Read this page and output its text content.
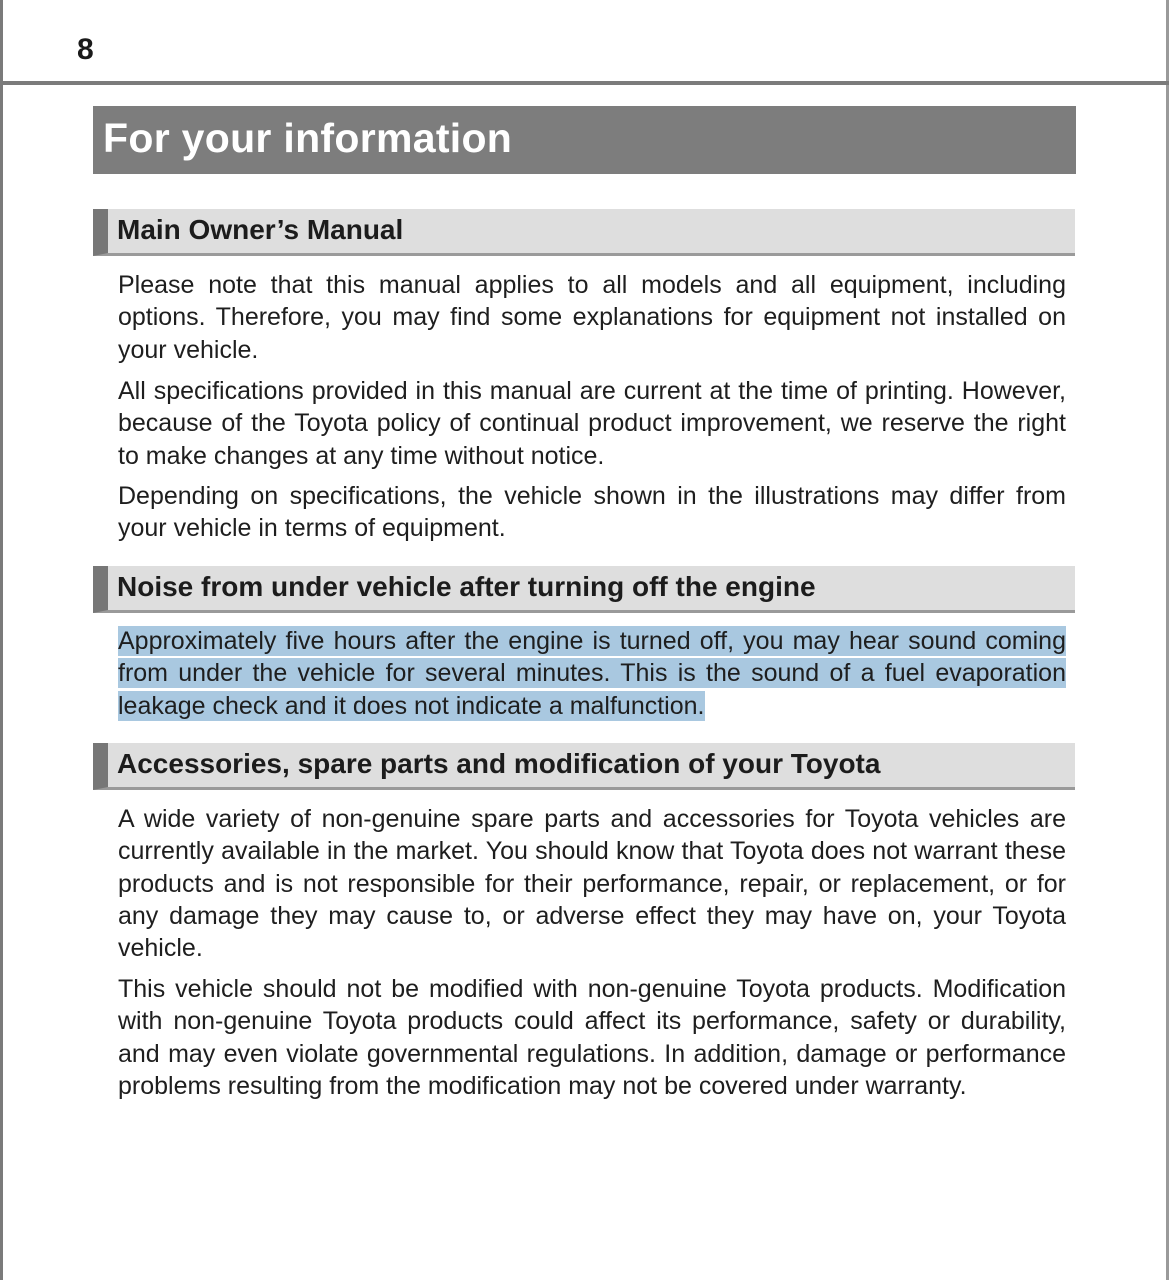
8
For your information
Main Owner’s Manual

Please note that this manual applies to all models and all equipment, including options. Therefore, you may find some explanations for equipment not installed on your vehicle.

All specifications provided in this manual are current at the time of printing. However, because of the Toyota policy of continual product improvement, we reserve the right to make changes at any time without notice.

Depending on specifications, the vehicle shown in the illustrations may differ from your vehicle in terms of equipment.

Noise from under vehicle after turning off the engine

Approximately five hours after the engine is turned off, you may hear sound coming from under the vehicle for several minutes. This is the sound of a fuel evaporation leakage check and it does not indicate a malfunction.

Accessories, spare parts and modification of your Toyota

A wide variety of non-genuine spare parts and accessories for Toyota vehicles are currently available in the market. You should know that Toyota does not warrant these products and is not responsible for their performance, repair, or replacement, or for any damage they may cause to, or adverse effect they may have on, your Toyota vehicle.

This vehicle should not be modified with non-genuine Toyota products. Modification with non-genuine Toyota products could affect its performance, safety or durability, and may even violate governmental regulations. In addition, damage or performance problems resulting from the modification may not be covered under warranty.
